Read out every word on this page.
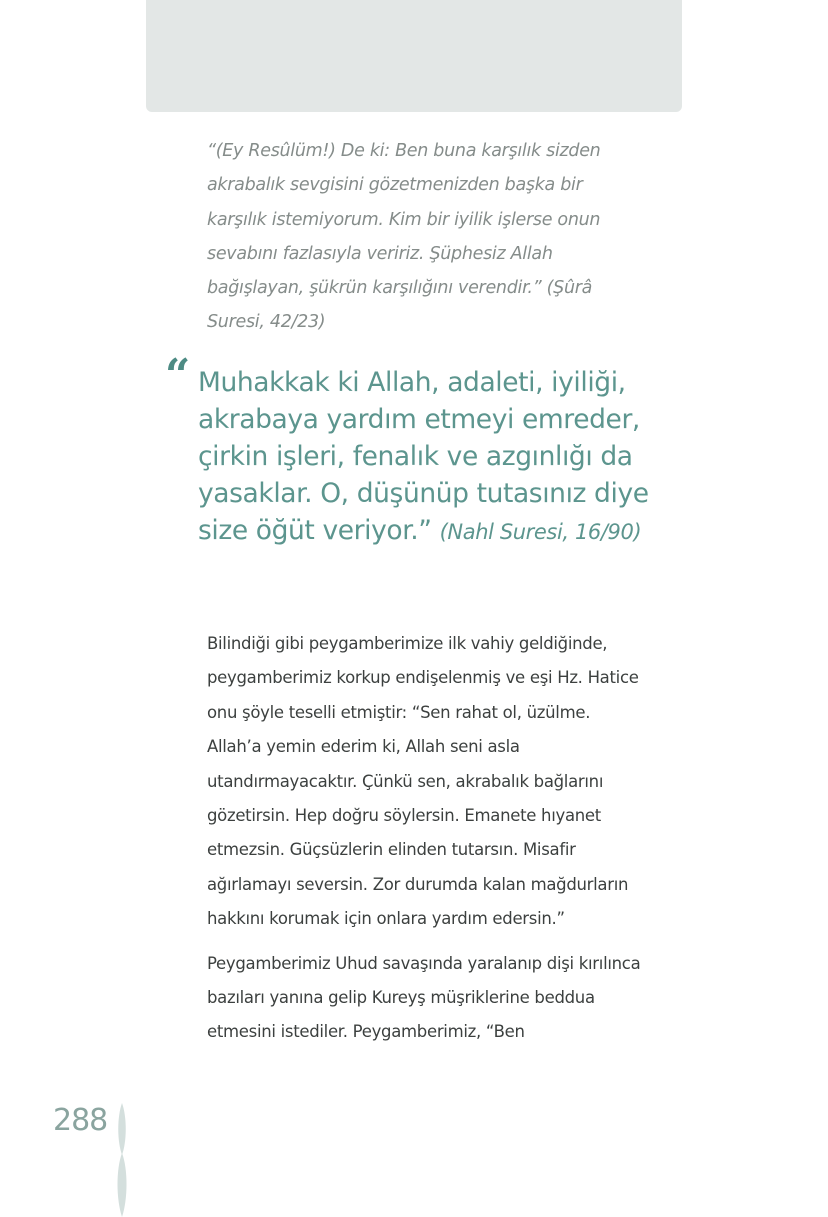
“(Ey Resûlüm!) De ki: Ben buna karşılık sizden akrabalık sevgisini gözetmenizden başka bir karşılık istemiyorum. Kim bir iyilik işlerse onun sevabını fazlasıyla veririz. Şüphesiz Allah bağışlayan, şükrün karşılığını verendir.” (Şûrâ Suresi, 42/23)
“ Muhakkak ki Allah, adaleti, iyiliği, akrabaya yardım etmeyi emreder, çirkin işleri, fenalık ve azgınlığı da yasaklar. O, düşünüp tutasınız diye size öğüt veriyor.” (Nahl Suresi, 16/90)

Bilindiği gibi peygamberimize ilk vahiy geldiğinde, peygamberimiz korkup endişelenmiş ve eşi Hz. Hatice onu şöyle teselli etmiştir: “Sen rahat ol, üzülme. Allah’a yemin ederim ki, Allah seni asla utandırmayacaktır. Çünkü sen, akrabalık bağlarını gözetirsin. Hep doğru söylersin. Emanete hıyanet etmezsin. Güçsüzlerin elinden tutarsın. Misafir ağırlamayı seversin. Zor durumda kalan mağdurların hakkını korumak için onlara yardım edersin.”

Peygamberimiz Uhud savaşında yaralanıp dişi kırılınca bazıları yanına gelip Kureyş müşriklerine beddua etmesini istediler. Peygamberimiz, “Ben

288
